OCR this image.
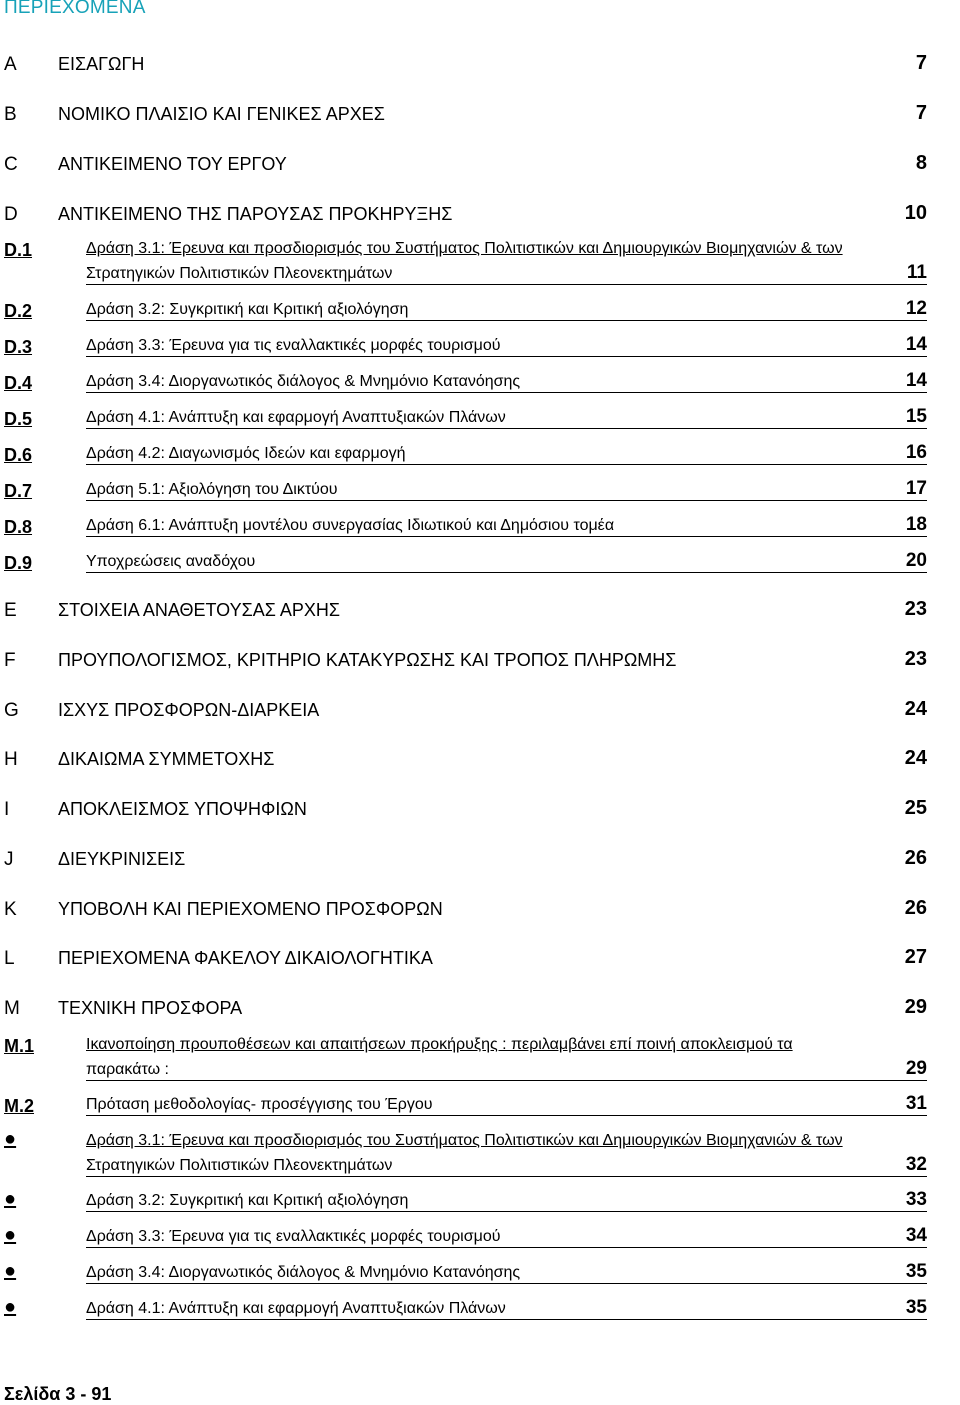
ΠΕΡΙΕΧΟΜΕΝΑ
A ΕΙΣΑΓΩΓΗ	7
B ΝΟΜΙΚΟ ΠΛΑΙΣΙΟ ΚΑΙ ΓΕΝΙΚΕΣ ΑΡΧΕΣ	7
C ΑΝΤΙΚΕΙΜΕΝΟ ΤΟΥ ΕΡΓΟΥ	8
D ΑΝΤΙΚΕΙΜΕΝΟ ΤΗΣ ΠΑΡΟΥΣΑΣ ΠΡΟΚΗΡΥΞΗΣ	10
D.1	Δράση 3.1: Έρευνα και προσδιορισμός του Συστήματος Πολιτιστικών και Δημιουργικών Βιομηχανιών & των
Στρατηγικών Πολιτιστικών Πλεονεκτημάτων	11
D.2	Δράση 3.2: Συγκριτική και Κριτική αξιολόγηση	12
D.3	Δράση 3.3: Έρευνα για τις εναλλακτικές μορφές τουρισμού	14
D.4	Δράση 3.4: Διοργανωτικός διάλογος & Μνημόνιο Κατανόησης	14
D.5	Δράση 4.1: Ανάπτυξη και εφαρμογή Αναπτυξιακών Πλάνων	15
D.6	Δράση 4.2: Διαγωνισμός Ιδεών και εφαρμογή	16
D.7	Δράση 5.1: Αξιολόγηση του Δικτύου	17
D.8	Δράση 6.1: Ανάπτυξη μοντέλου συνεργασίας Ιδιωτικού και Δημόσιου τομέα	18
D.9	Υποχρεώσεις αναδόχου	20
E ΣΤΟΙΧΕΙΑ ΑΝΑΘΕΤΟΥΣΑΣ ΑΡΧΗΣ	23
F ΠΡΟΥΠΟΛΟΓΙΣΜΟΣ, ΚΡΙΤΗΡΙΟ ΚΑΤΑΚΥΡΩΣΗΣ ΚΑΙ ΤΡΟΠΟΣ ΠΛΗΡΩΜΗΣ	23
G ΙΣΧΥΣ ΠΡΟΣΦΟΡΩΝ-ΔΙΑΡΚΕΙΑ	24
H ΔΙΚΑΙΩΜΑ ΣΥΜΜΕΤΟΧΗΣ	24
I	ΑΠΟΚΛΕΙΣΜΟΣ ΥΠΟΨΗΦΙΩΝ	25
J ΔΙΕΥΚΡΙΝΙΣΕΙΣ	26
K ΥΠΟΒΟΛΗ ΚΑΙ ΠΕΡΙΕΧΟΜΕΝΟ ΠΡΟΣΦΟΡΩΝ	26
L ΠΕΡΙΕΧΟΜΕΝΑ ΦΑΚΕΛΟΥ ΔΙΚΑΙΟΛΟΓΗΤΙΚΑ	27
M ΤΕΧΝΙΚΗ ΠΡΟΣΦΟΡΑ	29
M.1	Ικανοποίηση προυποθέσεων και απαιτήσεων προκήρυξης : περιλαμβάνει επί ποινή αποκλεισμού τα
παρακάτω :	29
M.2	Πρόταση μεθοδολογίας- προσέγγισης του Έργου	31
●	Δράση 3.1: Έρευνα και προσδιορισμός του Συστήματος Πολιτιστικών και Δημιουργικών Βιομηχανιών & των
Στρατηγικών Πολιτιστικών Πλεονεκτημάτων	32
●	Δράση 3.2: Συγκριτική και Κριτική αξιολόγηση	33
●	Δράση 3.3: Έρευνα για τις εναλλακτικές μορφές τουρισμού	34
●	Δράση 3.4: Διοργανωτικός διάλογος & Μνημόνιο Κατανόησης	35
●	Δράση 4.1: Ανάπτυξη και εφαρμογή Αναπτυξιακών Πλάνων	35
Σελίδα 3 - 91
